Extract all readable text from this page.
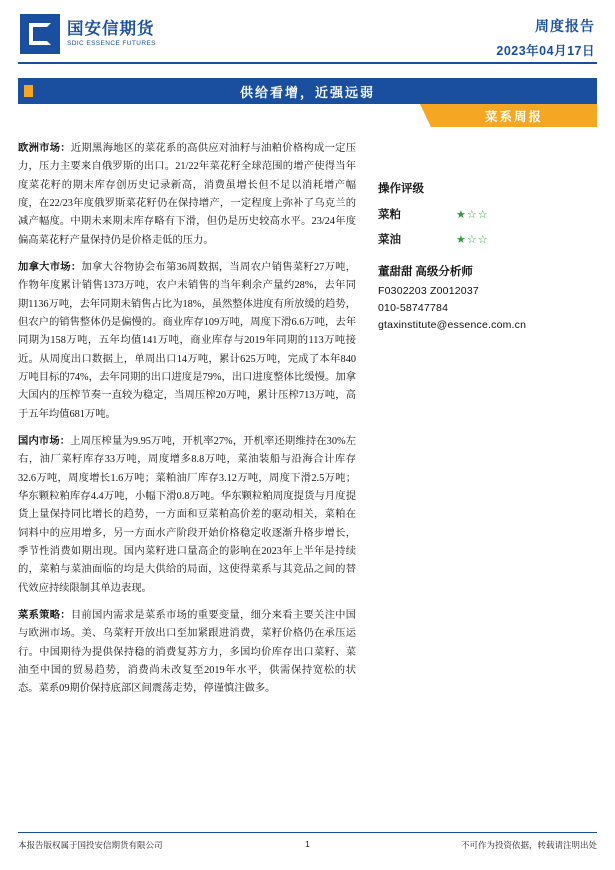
国安信期货
SDIC ESSENCE FUTURES
周度报告
2023年04月17日
供给看增，近强远弱
菜系周报

欧洲市场：近期黑海地区的菜花系的高供应对油籽与油粕价格构成一定压力，压力主要来自俄罗斯的出口。21/22年菜花籽全球范围的增产使得当年度菜花籽的期末库存创历史记录新高，消费虽增长但不足以消耗增产幅度，在22/23年度俄罗斯菜花籽仍在保持增产，一定程度上弥补了乌克兰的减产幅度。中期未来期末库存略有下滑，但仍是历史较高水平。23/24年度偏高菜花籽产量保持仍是价格走低的压力。

加拿大市场：加拿大谷物协会布第36周数据，当周农户销售菜籽27万吨，作物年度累计销售1373万吨，农户未销售的当年剩余产量约28%，去年同期1136万吨，去年同期未销售占比为18%，虽然整体进度有所放缓的趋势，但农户的销售整体仍是偏慢的。商业库存109万吨，周度下滑6.6万吨，去年同期为158万吨，五年均值141万吨，商业库存与2019年同期的113万吨接近。从周度出口数据上，单周出口14万吨，累计625万吨，完成了本年840万吨目标的74%，去年同期的出口进度是79%，出口进度整体比缓慢。加拿大国内的压榨节奏一直较为稳定，当周压榨20万吨，累计压榨713万吨，高于五年均值681万吨。

国内市场：上周压榨量为9.95万吨，开机率27%，开机率还期维持在30%左右，油厂菜籽库存33万吨，周度增多8.8万吨，菜油装船与沿海合计库存32.6万吨，周度增长1.6万吨；菜粕油厂库存3.12万吨，周度下滑2.5万吨；华东颗粒粕库存4.4万吨，小幅下滑0.8万吨。华东颗粒粕周度提货与月度提货上量保持同比增长的趋势，一方面和豆菜粕高价差的驱动相关，菜粕在饲料中的应用增多，另一方面水产阶段开始价格稳定收逐渐升格步增长，季节性消费如期出现。国内菜籽进口量高企的影响在2023年上半年是持续的，菜粕与菜油面临的均是大供给的局面，这使得菜系与其竞品之间的替代效应持续限制其单边表现。

菜系策略：目前国内需求是菜系市场的重要变量，细分来看主要关注中国与欧洲市场。美、乌菜籽开放出口至加紧跟进消费，菜籽价格仍在承压运行。中国期待为提供保持稳的消费复苏方力，多国均价库存出口菜籽、菜油至中国的贸易趋势，消费尚未改复至2019年水平，供需保持宽松的状态。菜系09期价保持底部区间震荡走势，停谨慎注做多。

操作评级
菜粕	★☆☆
菜油	★☆☆
董甜甜 高级分析师
F0302203 Z0012037
010-58747784
gtaxinstitute@essence.com.cn
本报告版权属于国投安信期货有限公司	不可作为投资依据，转载请注明出处
1
